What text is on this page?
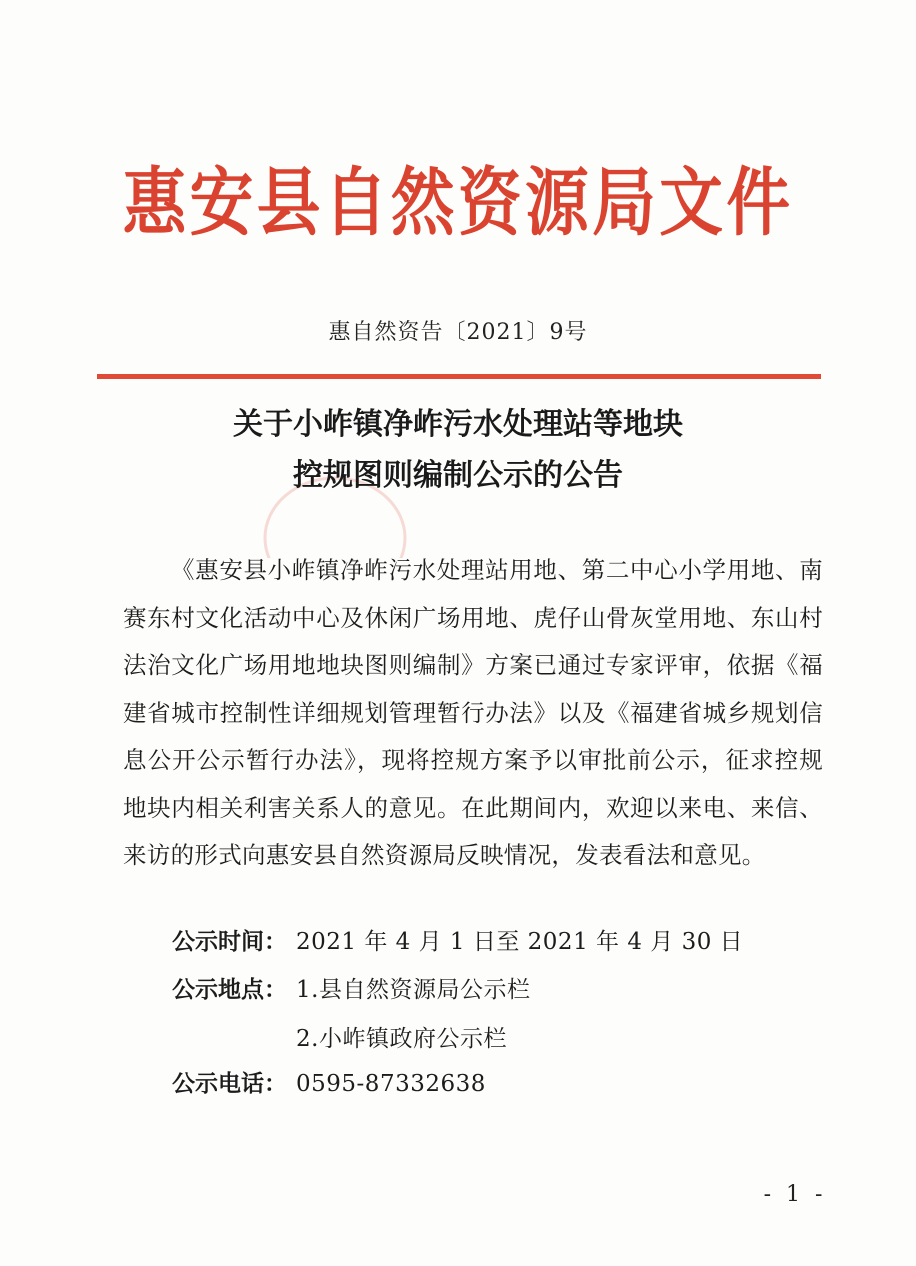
惠安县自然资源局文件
惠自然资告〔2021〕9号
关于小岞镇净岞污水处理站等地块
控规图则编制公示的公告
《惠安县小岞镇净岞污水处理站用地、第二中心小学用地、南赛东村文化活动中心及休闲广场用地、虎仔山骨灰堂用地、东山村法治文化广场用地地块图则编制》方案已通过专家评审，依据《福建省城市控制性详细规划管理暂行办法》以及《福建省城乡规划信息公开公示暂行办法》，现将控规方案予以审批前公示，征求控规地块内相关利害关系人的意见。在此期间内，欢迎以来电、来信、来访的形式向惠安县自然资源局反映情况，发表看法和意见。
公示时间： 2021 年 4 月 1 日至 2021 年 4 月 30 日
公示地点： 1.县自然资源局公示栏
2.小岞镇政府公示栏
公示电话： 0595-87332638
- 1 -
